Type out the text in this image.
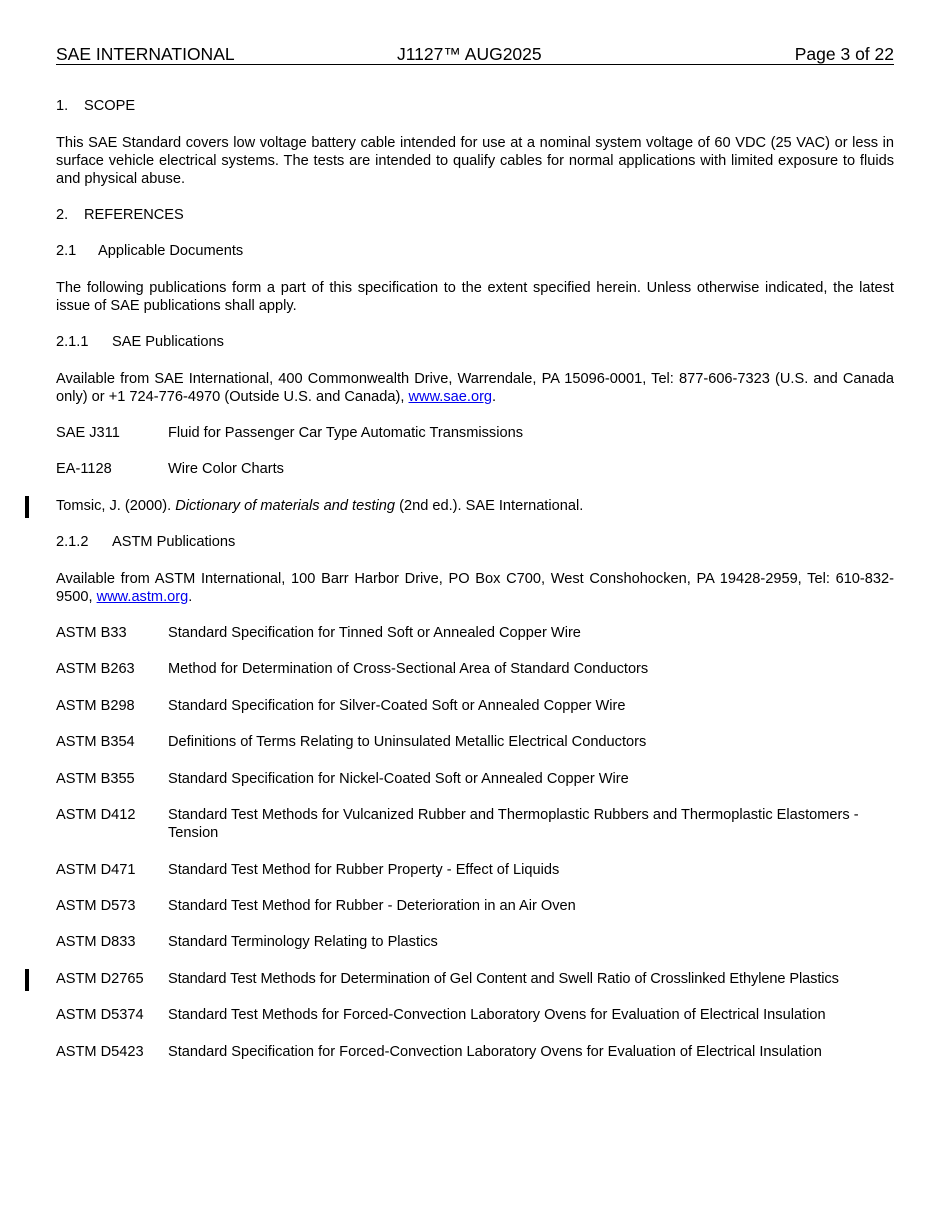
SAE INTERNATIONAL	J1127™ AUG2025	Page 3 of 22
1. SCOPE
This SAE Standard covers low voltage battery cable intended for use at a nominal system voltage of 60 VDC (25 VAC) or less in surface vehicle electrical systems. The tests are intended to qualify cables for normal applications with limited exposure to fluids and physical abuse.
2. REFERENCES
2.1 Applicable Documents
The following publications form a part of this specification to the extent specified herein. Unless otherwise indicated, the latest issue of SAE publications shall apply.
2.1.1 SAE Publications
Available from SAE International, 400 Commonwealth Drive, Warrendale, PA 15096-0001, Tel: 877-606-7323 (U.S. and Canada only) or +1 724-776-4970 (Outside U.S. and Canada), www.sae.org.
SAE J311	Fluid for Passenger Car Type Automatic Transmissions
EA-1128	Wire Color Charts
Tomsic, J. (2000). Dictionary of materials and testing (2nd ed.). SAE International.
2.1.2 ASTM Publications
Available from ASTM International, 100 Barr Harbor Drive, PO Box C700, West Conshohocken, PA 19428-2959, Tel: 610-832-9500, www.astm.org.
ASTM B33	Standard Specification for Tinned Soft or Annealed Copper Wire
ASTM B263 Method for Determination of Cross-Sectional Area of Standard Conductors
ASTM B298 Standard Specification for Silver-Coated Soft or Annealed Copper Wire
ASTM B354 Definitions of Terms Relating to Uninsulated Metallic Electrical Conductors
ASTM B355 Standard Specification for Nickel-Coated Soft or Annealed Copper Wire
ASTM D412 Standard Test Methods for Vulcanized Rubber and Thermoplastic Rubbers and Thermoplastic Elastomers - Tension
ASTM D471 Standard Test Method for Rubber Property - Effect of Liquids
ASTM D573 Standard Test Method for Rubber - Deterioration in an Air Oven
ASTM D833 Standard Terminology Relating to Plastics
ASTM D2765 Standard Test Methods for Determination of Gel Content and Swell Ratio of Crosslinked Ethylene Plastics
ASTM D5374 Standard Test Methods for Forced-Convection Laboratory Ovens for Evaluation of Electrical Insulation
ASTM D5423 Standard Specification for Forced-Convection Laboratory Ovens for Evaluation of Electrical Insulation
